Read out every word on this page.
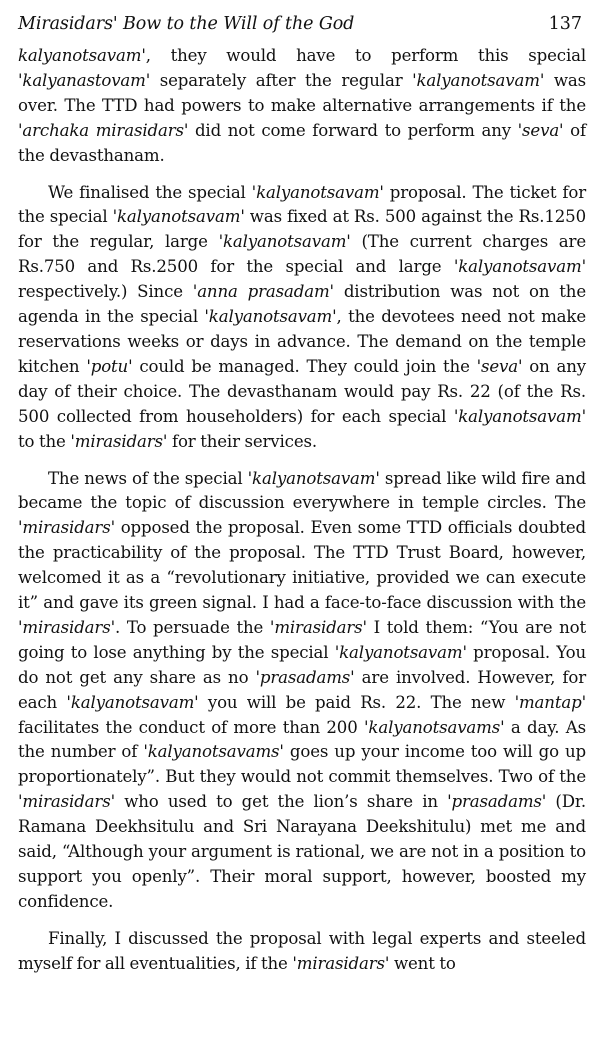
Mirasidars' Bow to the Will of the God	137

kalyanotsavam', they would have to perform this special 'kalyanastovam' separately after the regular 'kalyanotsavam' was over. The TTD had powers to make alternative arrangements if the 'archaka mirasidars' did not come forward to perform any 'seva' of the devasthanam.

We finalised the special 'kalyanotsavam' proposal. The ticket for the special 'kalyanotsavam' was fixed at Rs. 500 against the Rs.1250 for the regular, large 'kalyanotsavam' (The current charges are Rs.750 and Rs.2500 for the special and large 'kalyanotsavam' respectively.) Since 'anna prasadam' distribution was not on the agenda in the special 'kalyanotsavam', the devotees need not make reservations weeks or days in advance. The demand on the temple kitchen 'potu' could be managed. They could join the 'seva' on any day of their choice. The devasthanam would pay Rs. 22 (of the Rs. 500 collected from householders) for each special 'kalyanotsavam' to the 'mirasidars' for their services.

The news of the special 'kalyanotsavam' spread like wild fire and became the topic of discussion everywhere in temple circles. The 'mirasidars' opposed the proposal. Even some TTD officials doubted the practicability of the proposal. The TTD Trust Board, however, welcomed it as a “revolutionary initiative, provided we can execute it” and gave its green signal. I had a face-to-face discussion with the 'mirasidars'. To persuade the 'mirasidars' I told them: “You are not going to lose anything by the special 'kalyanotsavam' proposal. You do not get any share as no 'prasadams' are involved. However, for each 'kalyanotsavam' you will be paid Rs. 22. The new 'mantap' facilitates the conduct of more than 200 'kalyanotsavams' a day. As the number of 'kalyanotsavams' goes up your income too will go up proportionately”. But they would not commit themselves. Two of the 'mirasidars' who used to get the lion’s share in 'prasadams' (Dr. Ramana Deekhsitulu and Sri Narayana Deekshitulu) met me and said, “Although your argument is rational, we are not in a position to support you openly”. Their moral support, however, boosted my confidence.

Finally, I discussed the proposal with legal experts and steeled myself for all eventualities, if the 'mirasidars' went to
